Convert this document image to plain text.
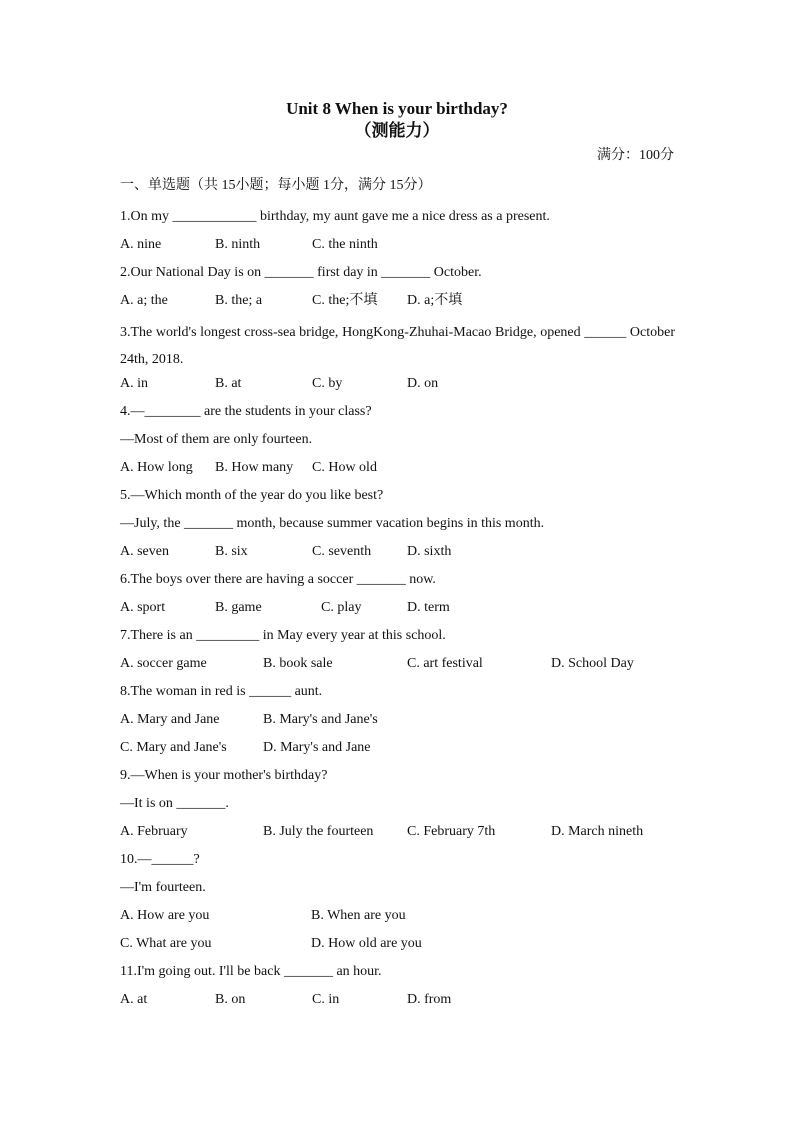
Unit 8 When is your birthday?
（测能力）
满分：100分
一、单选题（共 15小题；每小题 1分，满分 15分）
1.On my ____________ birthday, my aunt gave me a nice dress as a present.
A. nine	B. ninth	C. the ninth
2.Our National Day is on _______ first day in _______ October.
A. a; the	B. the; a	C. the;不填 D. a;不填
3.The world's longest cross-sea bridge, HongKong-Zhuhai-Macao Bridge, opened ______ October 24th, 2018.
A. in	B. at	C. by	D. on
4.—________ are the students in your class?
—Most of them are only fourteen.
A. How long B. How many C. How old
5.—Which month of the year do you like best?
—July, the _______ month, because summer vacation begins in this month.
A. seven	B. six	C. seventh	D. sixth
6.The boys over there are having a soccer _______ now.
A. sport	B. game	C. play	D. term
7.There is an _________ in May every year at this school.
A. soccer game	B. book sale	C. art festival	D. School Day
8.The woman in red is ______ aunt.
A. Mary and Jane	B. Mary's and Jane's
C. Mary and Jane's	D. Mary's and Jane
9.—When is your mother's birthday?
—It is on _______.
A. February	B. July the fourteen C. February 7th	D. March nineth
10.—______?
—I'm fourteen.
A. How are you	B. When are you
C. What are you	D. How old are you
11.I'm going out. I'll be back _______ an hour.
A. at	B. on	C. in	D. from
